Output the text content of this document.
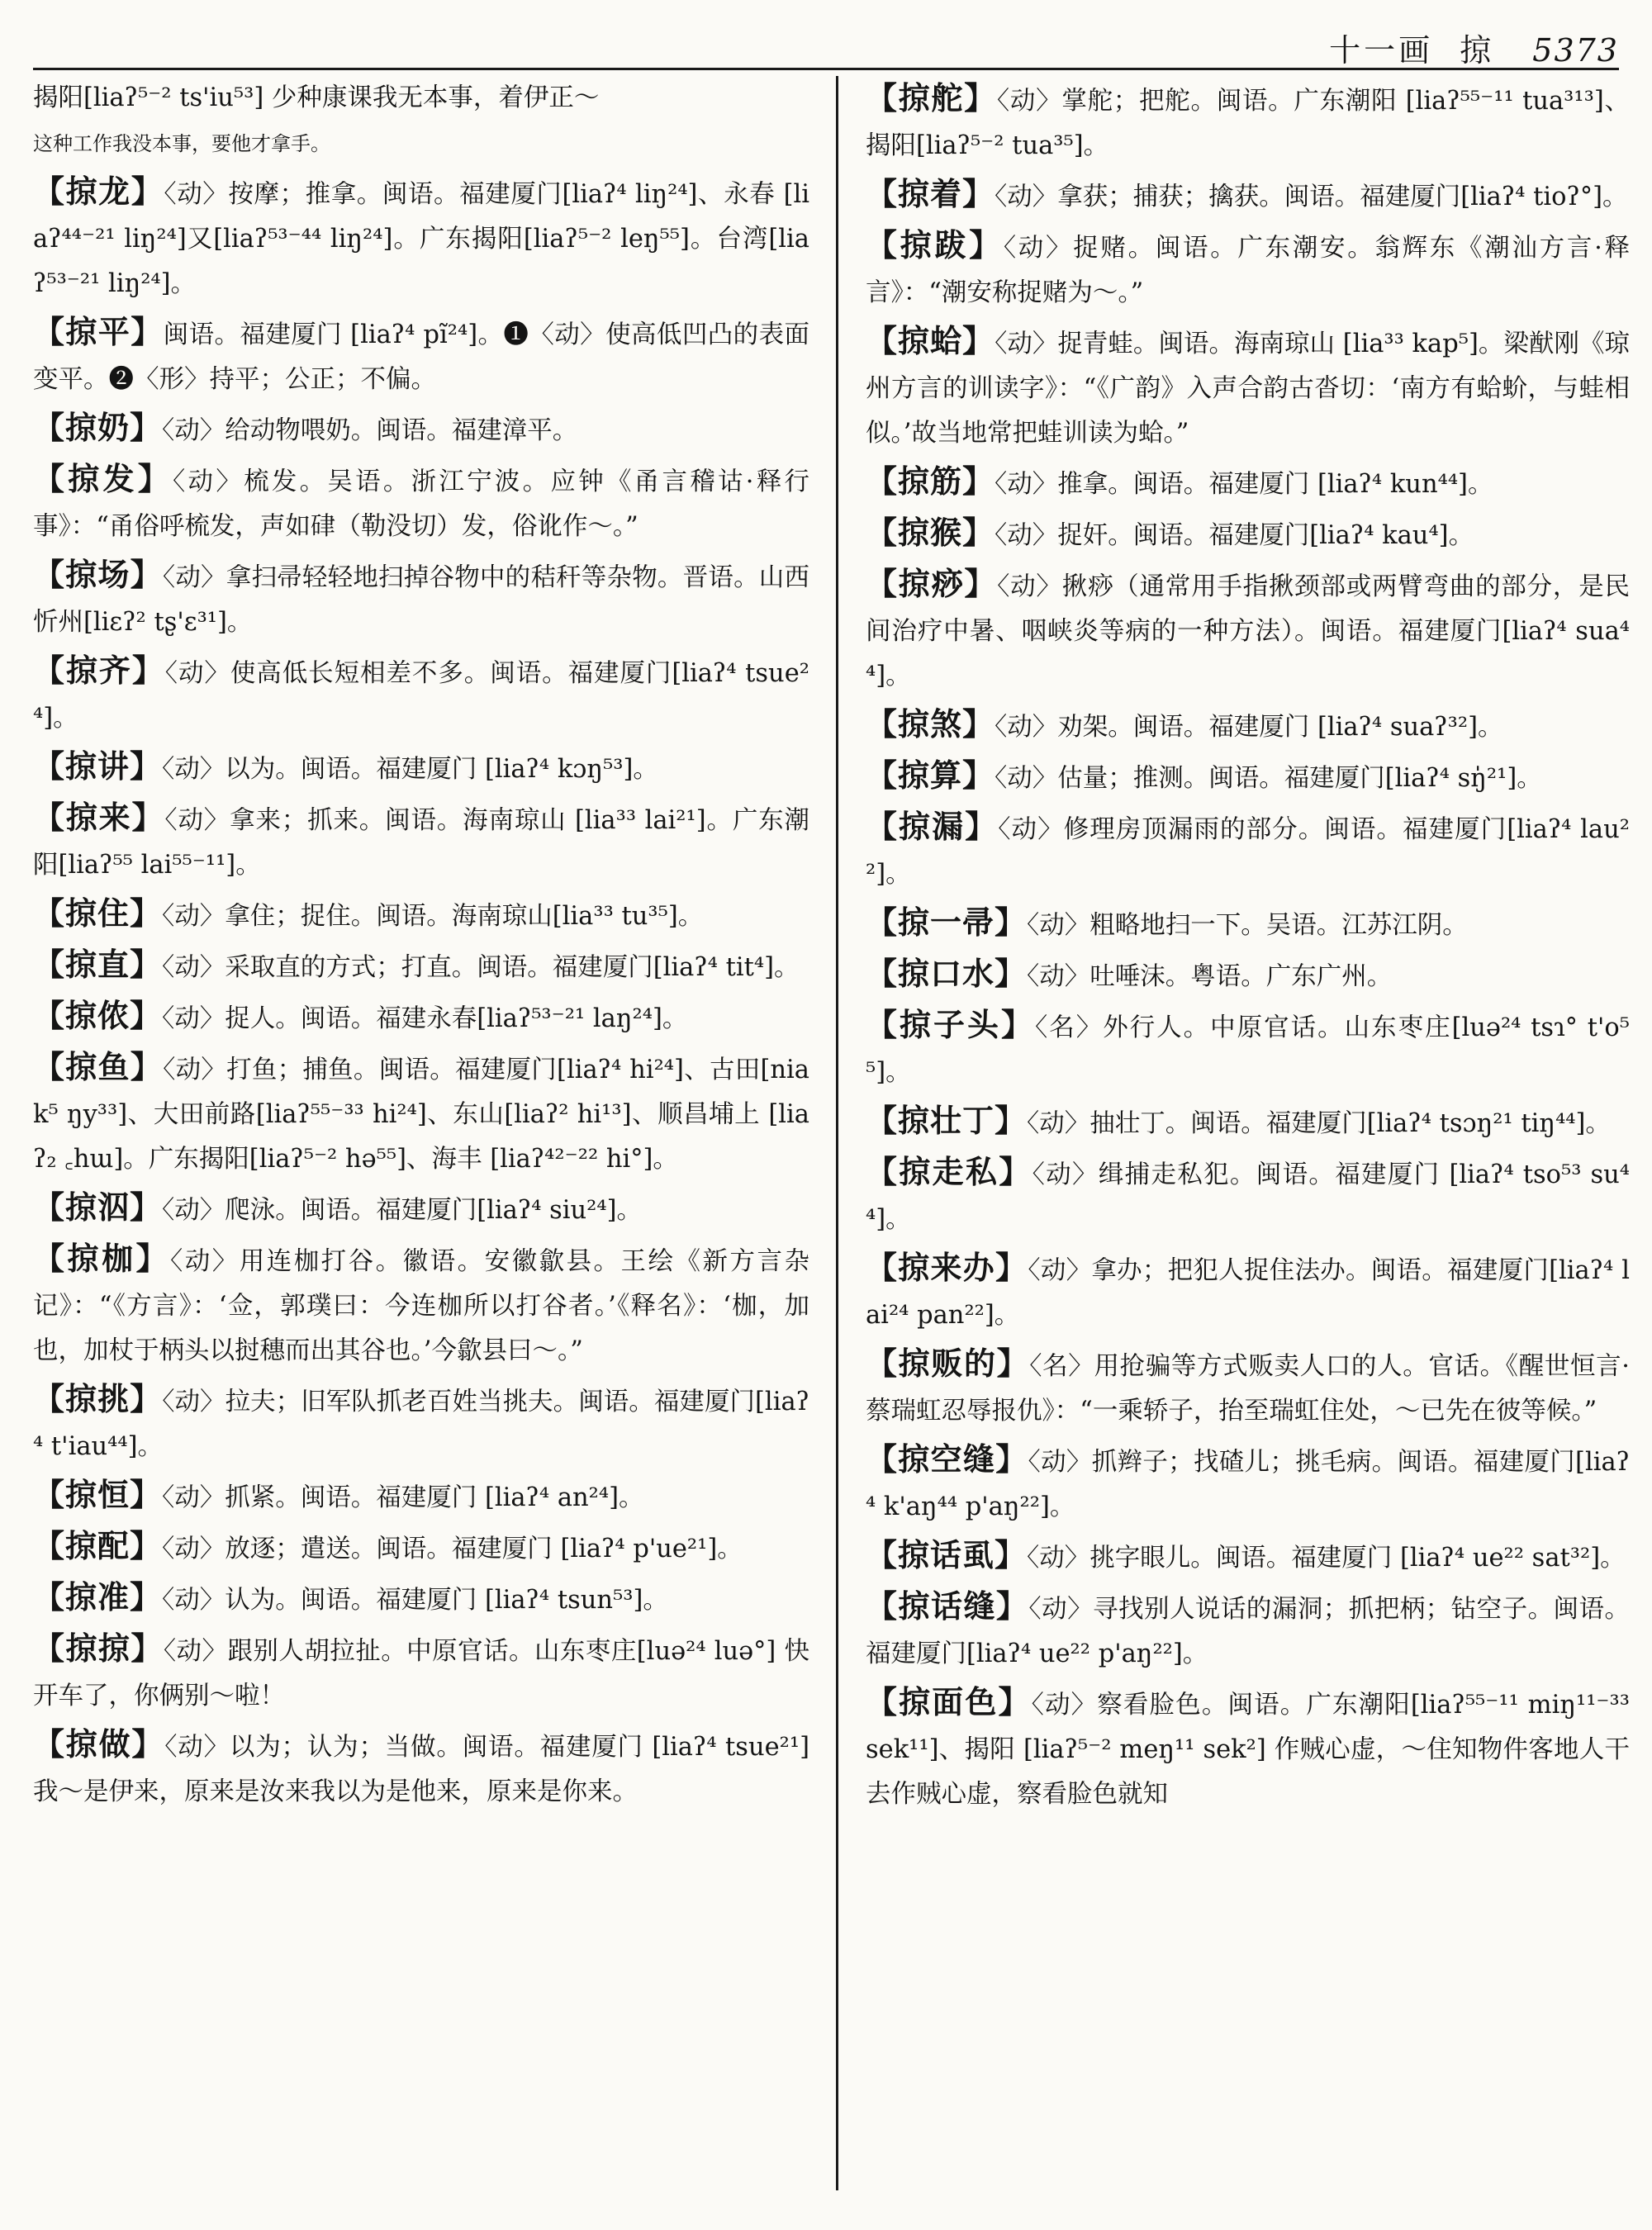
十一画 掠 5373

揭阳[liaʔ⁵⁻² ts'iu⁵³] 少种康课我无本事，着伊正～
这种工作我没本事，要他才拿手。

【掠龙】〈动〉按摩；推拿。闽语。福建厦门[liaʔ⁴ liŋ²⁴]、永春 [liaʔ⁴⁴⁻²¹ liŋ²⁴]又[liaʔ⁵³⁻⁴⁴ liŋ²⁴]。广东揭阳[liaʔ⁵⁻² leŋ⁵⁵]。台湾[liaʔ⁵³⁻²¹ liŋ²⁴]。

【掠平】闽语。福建厦门 [liaʔ⁴ pĩ²⁴]。❶〈动〉使高低凹凸的表面变平。❷〈形〉持平；公正；不偏。

【掠奶】〈动〉给动物喂奶。闽语。福建漳平。

【掠发】〈动〉梳发。吴语。浙江宁波。应钟《甬言稽诂·释行事》：“甬俗呼梳发，声如硉（勒没切）发，俗讹作～。”

【掠场】〈动〉拿扫帚轻轻地扫掉谷物中的秸秆等杂物。晋语。山西忻州[liɛʔ² tʂ'ɛ³¹]。

【掠齐】〈动〉使高低长短相差不多。闽语。福建厦门[liaʔ⁴ tsue²⁴]。

【掠讲】〈动〉以为。闽语。福建厦门 [liaʔ⁴ kɔŋ⁵³]。

【掠来】〈动〉拿来；抓来。闽语。海南琼山 [lia³³ lai²¹]。广东潮阳[liaʔ⁵⁵ lai⁵⁵⁻¹¹]。

【掠住】〈动〉拿住；捉住。闽语。海南琼山[lia³³ tu³⁵]。

【掠直】〈动〉采取直的方式；打直。闽语。福建厦门[liaʔ⁴ tit⁴]。

【掠侬】〈动〉捉人。闽语。福建永春[liaʔ⁵³⁻²¹ laŋ²⁴]。

【掠鱼】〈动〉打鱼；捕鱼。闽语。福建厦门[liaʔ⁴ hi²⁴]、古田[niak⁵ ŋy³³]、大田前路[liaʔ⁵⁵⁻³³ hi²⁴]、东山[liaʔ² hi¹³]、顺昌埔上 [liaʔ₂ ꜀hɯ]。广东揭阳[liaʔ⁵⁻² hə⁵⁵]、海丰 [liaʔ⁴²⁻²² hi°]。

【掠泅】〈动〉爬泳。闽语。福建厦门[liaʔ⁴ siu²⁴]。

【掠枷】〈动〉用连枷打谷。徽语。安徽歙县。王绘《新方言杂记》：“《方言》：‘佥，郭璞曰：今连枷所以打谷者。’《释名》：‘枷，加也，加杖于柄头以挝穗而出其谷也。’今歙县曰～。”

【掠挑】〈动〉拉夫；旧军队抓老百姓当挑夫。闽语。福建厦门[liaʔ⁴ t'iau⁴⁴]。

【掠恒】〈动〉抓紧。闽语。福建厦门 [liaʔ⁴ an²⁴]。

【掠配】〈动〉放逐；遣送。闽语。福建厦门 [liaʔ⁴ p'ue²¹]。

【掠准】〈动〉认为。闽语。福建厦门 [liaʔ⁴ tsun⁵³]。

【掠掠】〈动〉跟别人胡拉扯。中原官话。山东枣庄[luə²⁴ luə°] 快开车了，你俩别～啦！

【掠做】〈动〉以为；认为；当做。闽语。福建厦门 [liaʔ⁴ tsue²¹]我～是伊来，原来是汝来我以为是他来，原来是你来。

【掠舵】〈动〉掌舵；把舵。闽语。广东潮阳 [liaʔ⁵⁵⁻¹¹ tua³¹³]、揭阳[liaʔ⁵⁻² tua³⁵]。

【掠着】〈动〉拿获；捕获；擒获。闽语。福建厦门[liaʔ⁴ tioʔ°]。

【掠跋】〈动〉捉赌。闽语。广东潮安。翁辉东《潮汕方言·释言》：“潮安称捉赌为～。”

【掠蛤】〈动〉捉青蛙。闽语。海南琼山 [lia³³ kap⁵]。梁猷刚《琼州方言的训读字》：“《广韵》入声合韵古沓切：‘南方有蛤蚧，与蛙相似。’故当地常把蛙训读为蛤。”

【掠筋】〈动〉推拿。闽语。福建厦门 [liaʔ⁴ kun⁴⁴]。

【掠猴】〈动〉捉奸。闽语。福建厦门[liaʔ⁴ kau⁴]。

【掠痧】〈动〉揪痧（通常用手指揪颈部或两臂弯曲的部分，是民间治疗中暑、咽峡炎等病的一种方法）。闽语。福建厦门[liaʔ⁴ sua⁴⁴]。

【掠煞】〈动〉劝架。闽语。福建厦门 [liaʔ⁴ suaʔ³²]。

【掠算】〈动〉估量；推测。闽语。福建厦门[liaʔ⁴ sŋ̍²¹]。

【掠漏】〈动〉修理房顶漏雨的部分。闽语。福建厦门[liaʔ⁴ lau²²]。

【掠一帚】〈动〉粗略地扫一下。吴语。江苏江阴。

【掠口水】〈动〉吐唾沫。粤语。广东广州。

【掠子头】〈名〉外行人。中原官话。山东枣庄[luə²⁴ tsɿ° t'o⁵⁵]。

【掠壮丁】〈动〉抽壮丁。闽语。福建厦门[liaʔ⁴ tsɔŋ²¹ tiŋ⁴⁴]。

【掠走私】〈动〉缉捕走私犯。闽语。福建厦门 [liaʔ⁴ tso⁵³ su⁴⁴]。

【掠来办】〈动〉拿办；把犯人捉住法办。闽语。福建厦门[liaʔ⁴ lai²⁴ pan²²]。

【掠贩的】〈名〉用抢骗等方式贩卖人口的人。官话。《醒世恒言·蔡瑞虹忍辱报仇》：“一乘轿子，抬至瑞虹住处，～已先在彼等候。”

【掠空缝】〈动〉抓辫子；找碴儿；挑毛病。闽语。福建厦门[liaʔ⁴ k'aŋ⁴⁴ p'aŋ²²]。

【掠话虱】〈动〉挑字眼儿。闽语。福建厦门 [liaʔ⁴ ue²² sat³²]。

【掠话缝】〈动〉寻找别人说话的漏洞；抓把柄；钻空子。闽语。福建厦门[liaʔ⁴ ue²² p'aŋ²²]。

【掠面色】〈动〉察看脸色。闽语。广东潮阳[liaʔ⁵⁵⁻¹¹ miŋ¹¹⁻³³ sek¹¹]、揭阳 [liaʔ⁵⁻² meŋ¹¹ sek²] 作贼心虚，～住知物件客地人干去作贼心虚，察看脸色就知
